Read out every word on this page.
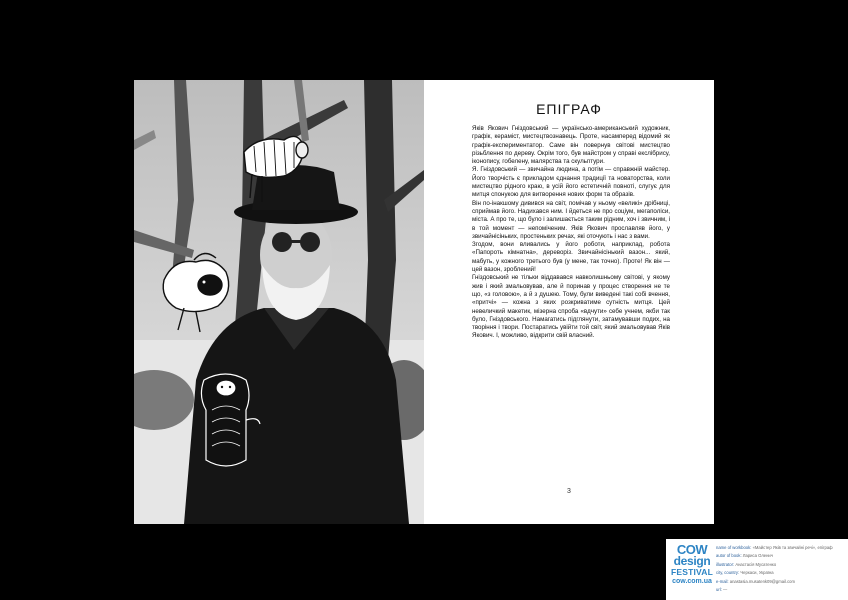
ЕПІГРАФ

Яків Якович Гніздовський — українсько-американський художник, графік, керамiст, мистецтвознавець. Проте, насамперед відомий як графік-експериментатор. Саме він повернув світові мистецтво різьблення по дереву. Окрім того, був майстром у справі екслібрису, іконопису, гобелену, малярства та скульптури.

Я. Гніздовський — звичайна людина, а потім — справжній майстер. Його творчість є прикладом єднання традиції та новаторства, коли мистецтво рідного краю, в усій його естетичній повноті, слугує для митця спонукою для витворення нових форм та образів.

Він по-інакшому дивився на світ, помічав у ньому «великі» дрібниці, сприймав його. Надихався ним. І йдеться не про соціум, мегаполіси, міста. А про те, що було і залишається таким рідним, хоч і звичним, і в той момент — непоміченим. Яків Якович прославляв його, у звичайнісіньких, простеньких речах, які оточують і нас з вами.

Згодом, вони вливались у його роботи, наприклад, робота «Папороть кімнатна», дереворіз. Звичайнісінький вазон... який, мабуть, у кожного третього був (у мене, так точно). Проте! Як він — цей вазон, зроблений!

Гніздовський не тільки віддавався навколишньому світові, у якому жив і який змальовував, але й поринав у процес створення не те що, «з головою», а й з душею. Тому, були виведені такі собі вчення, «притчі» — кожна з яких розкриватиме сутність митця. Цей невеличкий макетик, мізерна спроба «вдчути» себе учнем, якби так було, Гніздовського. Намагатись підглянути, затамувавши подих, на творіння і твори. Постаратись увійти той світ, який змальовував Яків Якович. І, можливо, відкрити свій власний.

3
COW
design
FESTIVAL
cow.com.ua
name of workbook: «Майстер Яків та звичайні речі», епіграф
autor of book: Лариса Оленич
illustrator: Анастасія Мусатенко
city, country: Черкаси, Україна
e-mail: anastasia.musatenk09@gmail.com
url: —
